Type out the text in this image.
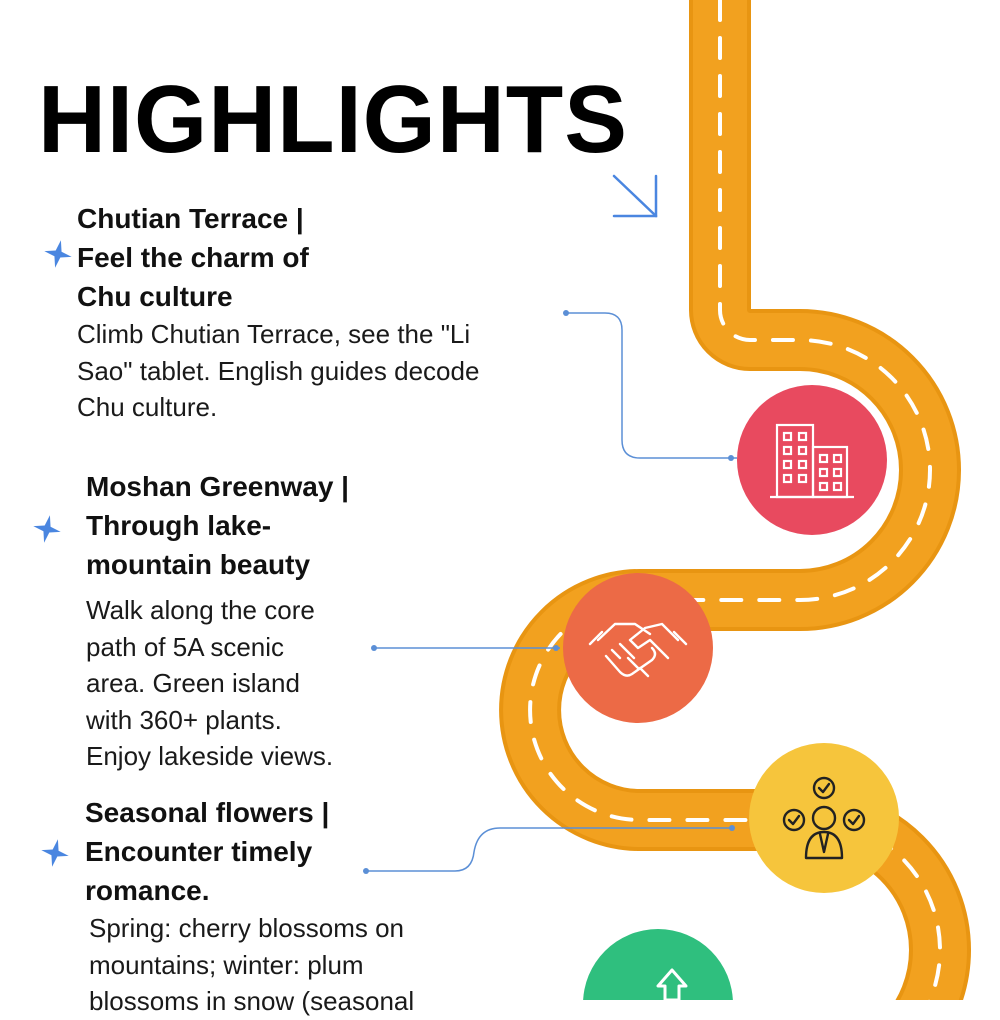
HIGHLIGHTS

Chutian Terrace |
Feel the charm of
Chu culture

Climb Chutian Terrace, see the "Li
Sao" tablet. English guides decode
Chu culture.

Moshan Greenway |
Through lake-
mountain beauty

Walk along the core
path of 5A scenic
area. Green island
with 360+ plants.
Enjoy lakeside views.

Seasonal flowers |
Encounter timely
romance.

Spring: cherry blossoms on
mountains; winter: plum
blossoms in snow (seasonal
